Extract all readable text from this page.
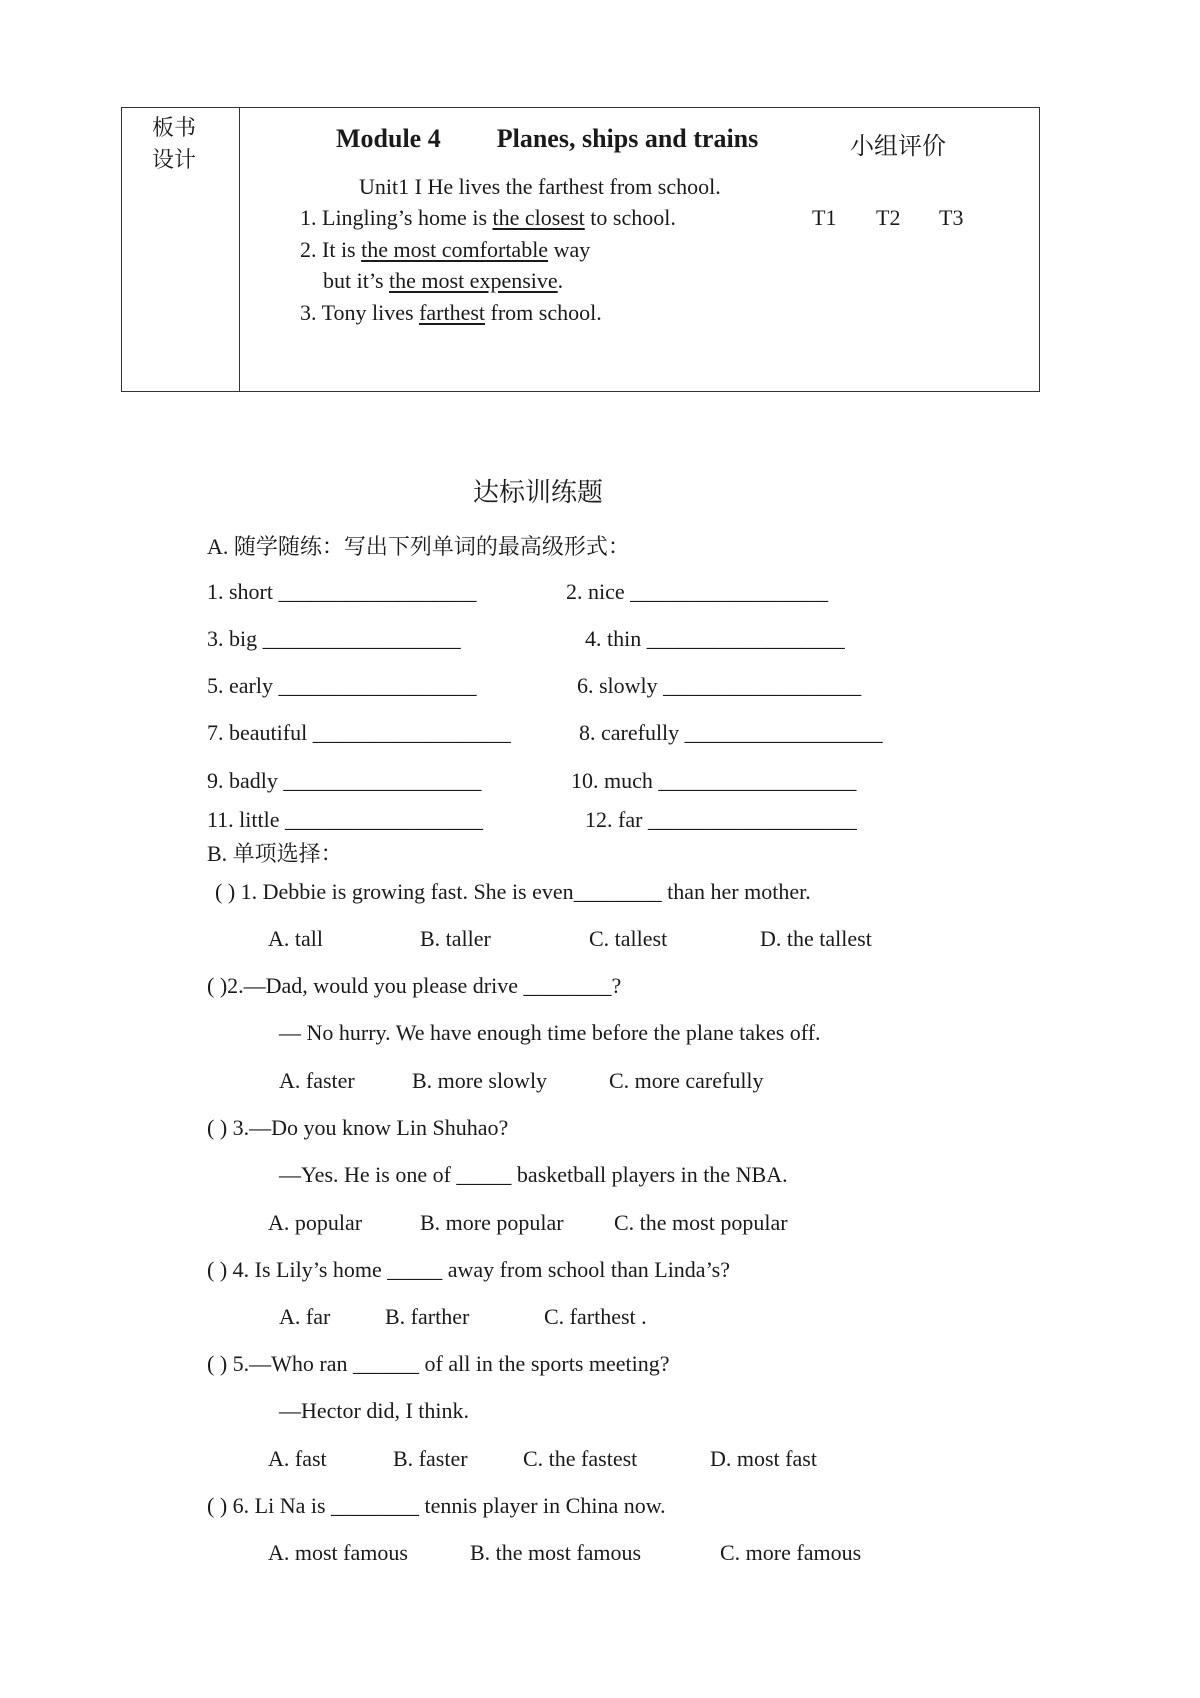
板书
设计
Module 4 Planes, ships and trains	小组评价
Unit1 I He lives the farthest from school.
1. Lingling’s home is the closest to school.
2. It is the most comfortable way
but it’s the most expensive.
3. Tony lives farthest from school.
T1 T2 T3
达标训练题
A. 随学随练：写出下列单词的最高级形式：
1. short __________________	2. nice __________________
3. big __________________	4. thin __________________
5. early __________________	6. slowly __________________
7. beautiful __________________	8. carefully __________________
9. badly __________________	10. much __________________
11. little __________________	12. far ___________________
B. 单项选择：
( ) 1. Debbie is growing fast. She is even________ than her mother.
A. tall	B. taller	C. tallest	D. the tallest
( )2.—Dad, would you please drive ________?
— No hurry. We have enough time before the plane takes off.
A. faster	B. more slowly	C. more carefully
( ) 3.—Do you know Lin Shuhao?
—Yes. He is one of _____ basketball players in the NBA.
A. popular	B. more popular C. the most popular
( ) 4. Is Lily’s home _____ away from school than Linda’s?
A. far B. farther	C. farthest .
( ) 5.—Who ran ______ of all in the sports meeting?
—Hector did, I think.
A. fast	B. faster	C. the fastest	D. most fast
( ) 6. Li Na is ________ tennis player in China now.
A. most famous	B. the most famous	C. more famous
